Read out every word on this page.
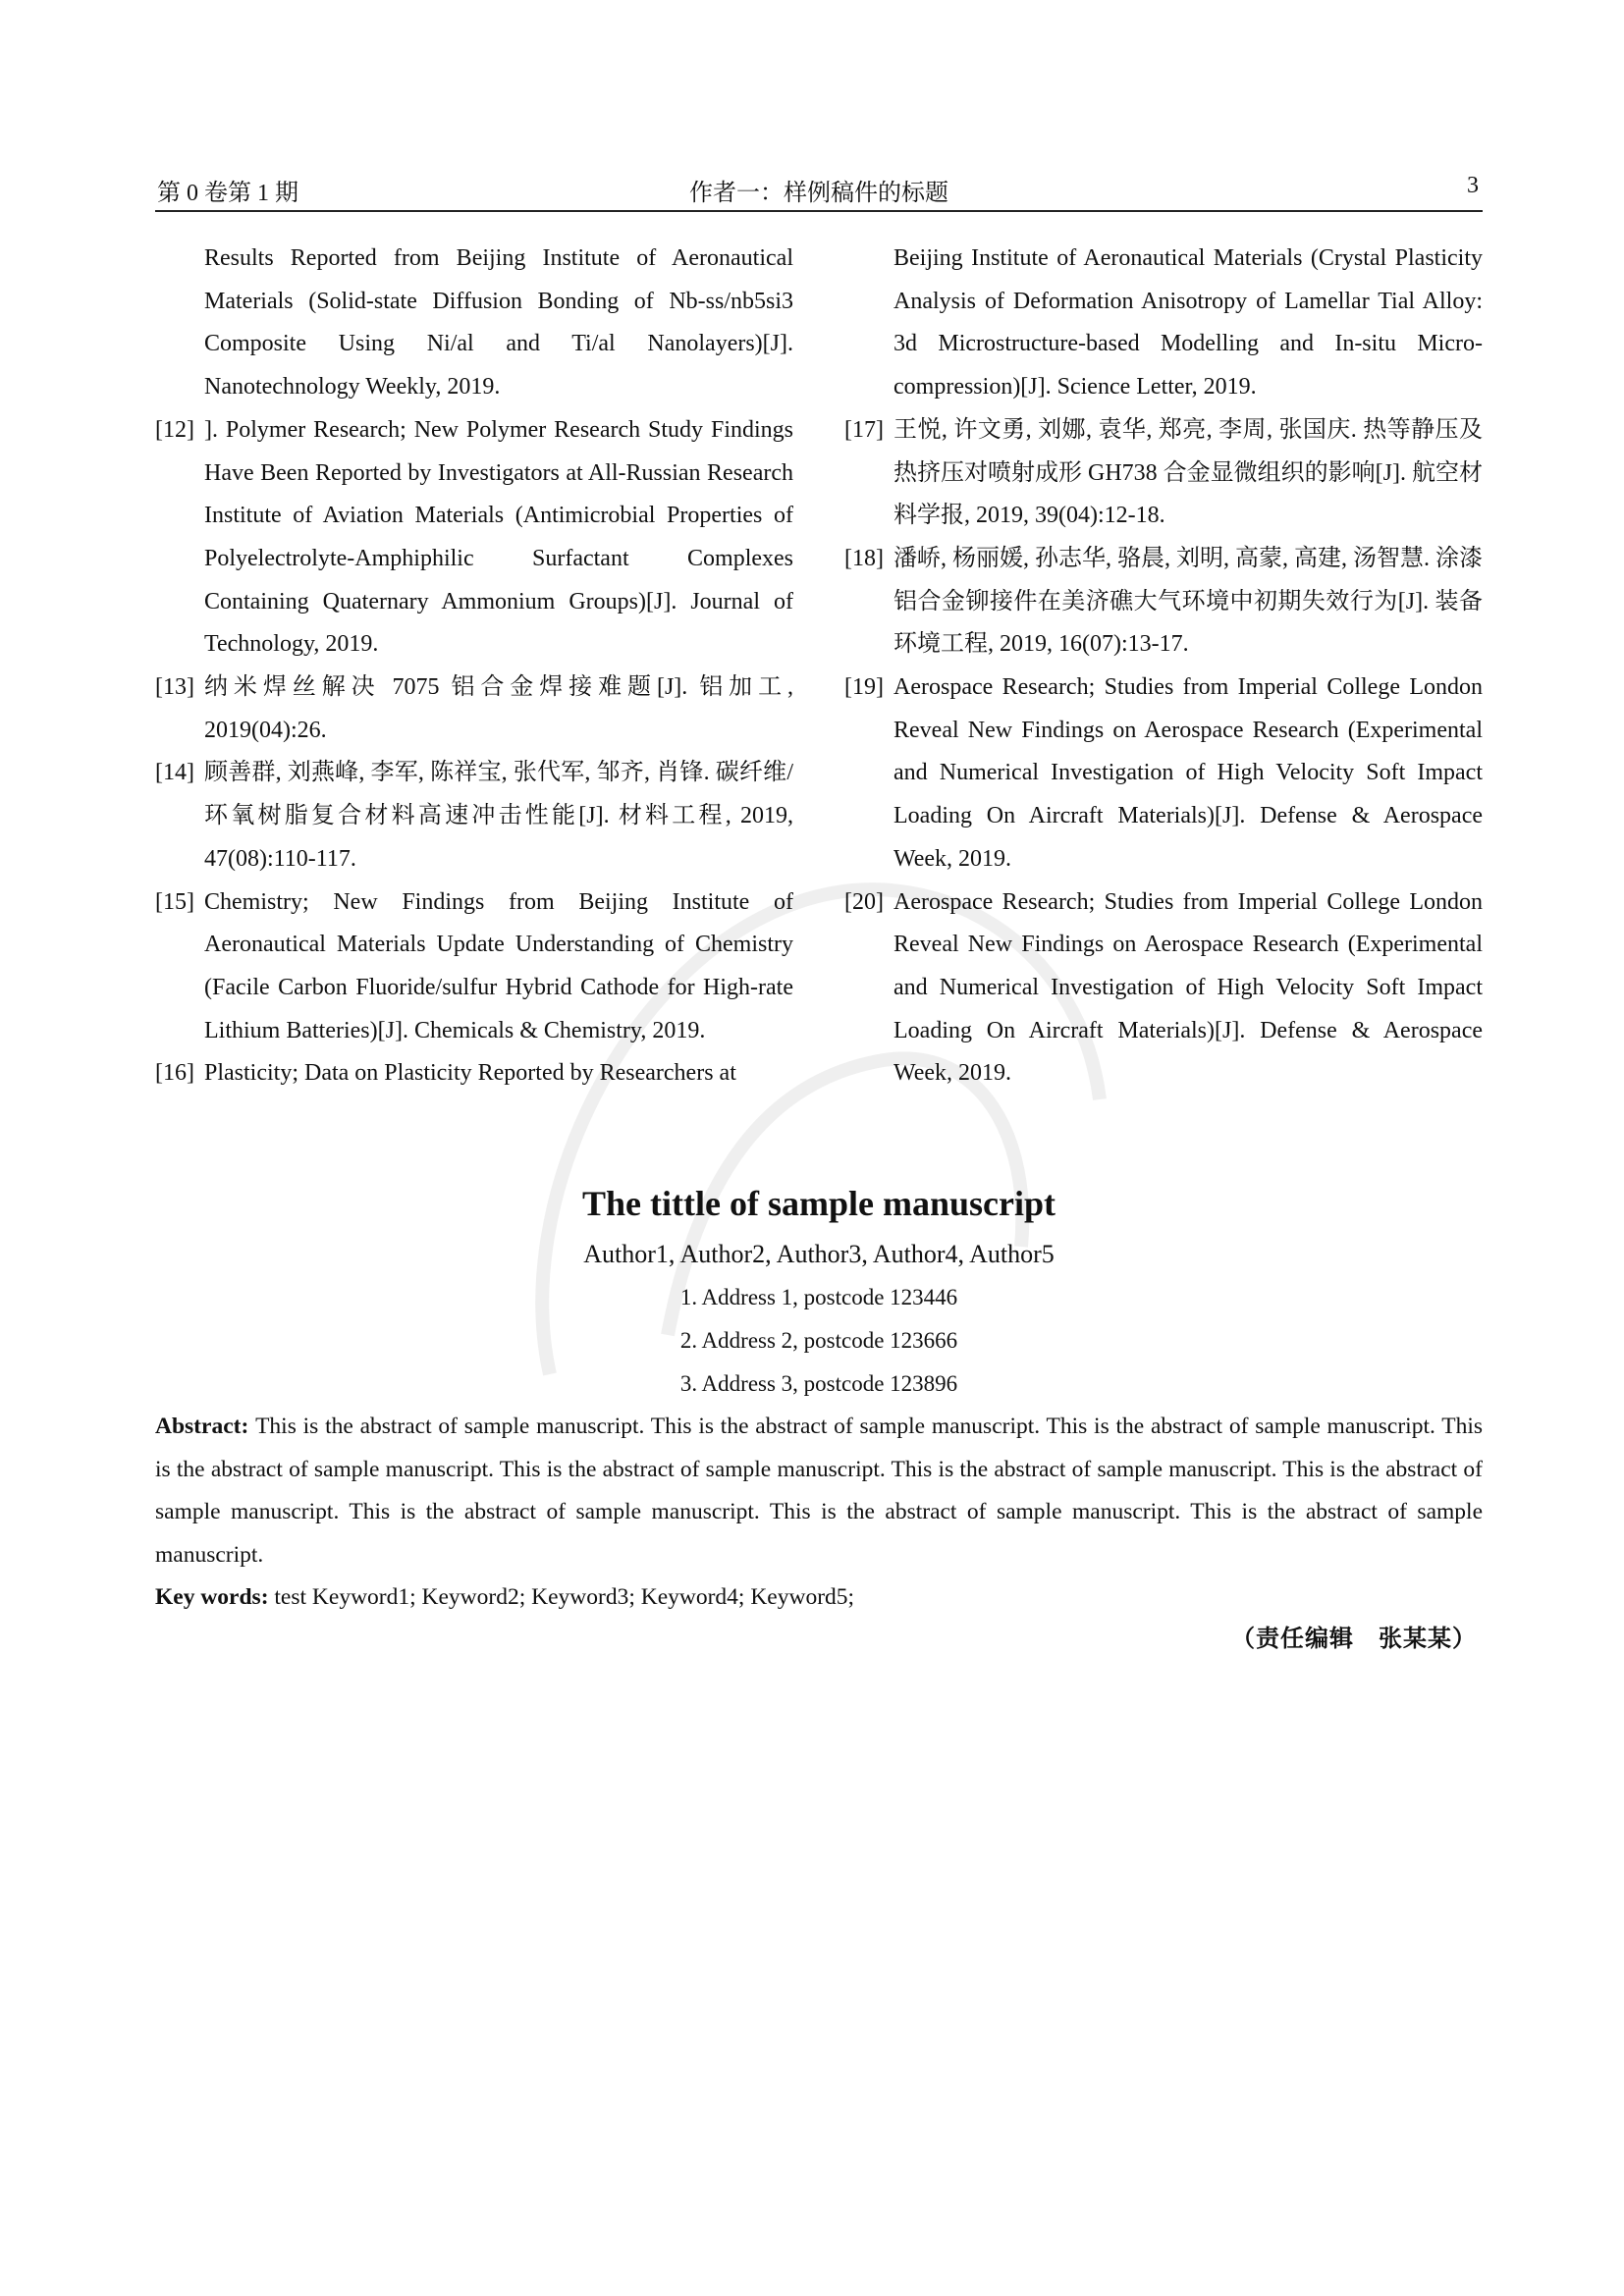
第 0 卷第 1 期	作者一：样例稿件的标题	3
Results Reported from Beijing Institute of Aeronautical Materials (Solid-state Diffusion Bonding of Nb-ss/nb5si3 Composite Using Ni/al and Ti/al Nanolayers)[J]. Nanotechnology Weekly, 2019.
[12] ]. Polymer Research; New Polymer Research Study Findings Have Been Reported by Investigators at All-Russian Research Institute of Aviation Materials (Antimicrobial Properties of Polyelectrolyte-Amphiphilic Surfactant Complexes Containing Quaternary Ammonium Groups)[J]. Journal of Technology, 2019.
[13] 纳米焊丝解决 7075 铝合金焊接难题[J]. 铝加工, 2019(04):26.
[14] 顾善群, 刘燕峰, 李军, 陈祥宝, 张代军, 邹齐, 肖锋. 碳纤维/环氧树脂复合材料高速冲击性能[J]. 材料工程, 2019, 47(08):110-117.
[15] Chemistry; New Findings from Beijing Institute of Aeronautical Materials Update Understanding of Chemistry (Facile Carbon Fluoride/sulfur Hybrid Cathode for High-rate Lithium Batteries)[J]. Chemicals & Chemistry, 2019.
[16] Plasticity; Data on Plasticity Reported by Researchers at
Beijing Institute of Aeronautical Materials (Crystal Plasticity Analysis of Deformation Anisotropy of Lamellar Tial Alloy: 3d Microstructure-based Modelling and In-situ Micro-compression)[J]. Science Letter, 2019.
[17] 王悦, 许文勇, 刘娜, 袁华, 郑亮, 李周, 张国庆. 热等静压及热挤压对喷射成形 GH738 合金显微组织的影响[J]. 航空材料学报, 2019, 39(04):12-18.
[18] 潘峤, 杨丽媛, 孙志华, 骆晨, 刘明, 高蒙, 高建, 汤智慧. 涂漆铝合金铆接件在美济礁大气环境中初期失效行为[J]. 装备环境工程, 2019, 16(07):13-17.
[19] Aerospace Research; Studies from Imperial College London Reveal New Findings on Aerospace Research (Experimental and Numerical Investigation of High Velocity Soft Impact Loading On Aircraft Materials)[J]. Defense & Aerospace Week, 2019.
[20] Aerospace Research; Studies from Imperial College London Reveal New Findings on Aerospace Research (Experimental and Numerical Investigation of High Velocity Soft Impact Loading On Aircraft Materials)[J]. Defense & Aerospace Week, 2019.
The tittle of sample manuscript
Author1, Author2, Author3, Author4, Author5
1. Address 1, postcode 123446
2. Address 2, postcode 123666
3. Address 3, postcode 123896
Abstract: This is the abstract of sample manuscript. This is the abstract of sample manuscript. This is the abstract of sample manuscript. This is the abstract of sample manuscript. This is the abstract of sample manuscript. This is the abstract of sample manuscript. This is the abstract of sample manuscript. This is the abstract of sample manuscript. This is the abstract of sample manuscript. This is the abstract of sample manuscript.
Key words: test Keyword1; Keyword2; Keyword3; Keyword4; Keyword5;
（责任编辑　张某某）
